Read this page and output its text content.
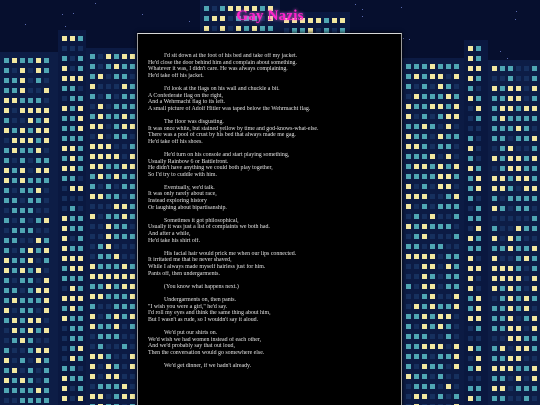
Gay Nazis

I'd sit down at the foot of his bed and take off my jacket.
He'd close the door behind him and complain about something.
Whatever it was, I didn't care. He was always complaining.
He'd take off his jacket.

I'd look at the flags on his wall and chuckle a bit.
A Confederate flag on the right,
And a Wehrmacht flag to its left.
A small picture of Adolf Hitler was taped below the Wehrmacht flag.

The floor was disgusting.
It was once white, but stained yellow by time and god-knows-what-else.
There was a pool of crust by his bed that always made me gag.
He'd take off his shoes.

He'd turn on his console and start playing something,
Usually Rainbow 6 or Battlefront.
He didn't have anything we could both play together,
So I'd try to cuddle with him.

Eventually, we'd talk.
It was only rarely about race,
Instead exploring history
Or laughing about bipartisanship.

Sometimes it got philosophical,
Usually it was just a list of complaints we both had.
And after a while,
He'd take his shirt off.

His facial hair would prick me when our lips connected.
It irritated me that he never shaved,
While I always made myself hairless just for him.
Pants off, then undergarments.

(You know what happens next.)

Undergarments on, then pants.
"I wish you were a girl," he'd say.
I'd roll my eyes and think the same thing about him,
But I wasn't as rude, so I wouldn't say it aloud.

We'd put our shirts on.
We'd wish we had women instead of each other,
And we'd probably say that out loud,
Then the conversation would go somewhere else.

We'd get dinner, if we hadn't already.
